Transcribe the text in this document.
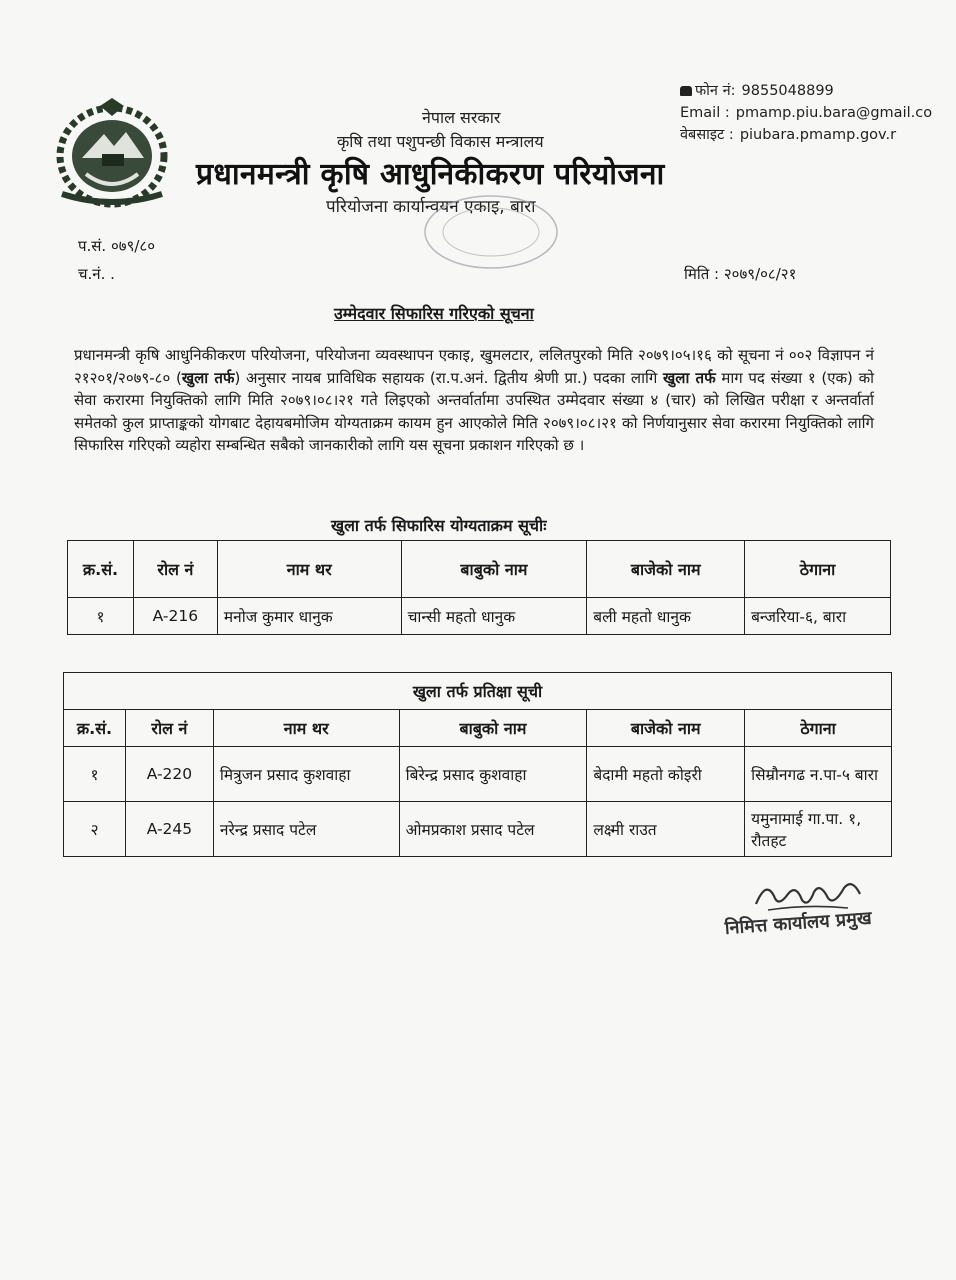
फोन नं: 9855048899
Email : pmamp.piu.bara@gmail.co
वेबसाइट : piubara.pmamp.gov.r
नेपाल सरकार
कृषि तथा पशुपन्छी विकास मन्त्रालय
प्रधानमन्त्री कृषि आधुनिकीकरण परियोजना
परियोजना कार्यान्वयन एकाइ, बारा
प.सं. ०७९/८०
च.नं. .	मिति : २०७९/०८/२१
उम्मेदवार सिफारिस गरिएको सूचना
प्रधानमन्त्री कृषि आधुनिकीकरण परियोजना, परियोजना व्यवस्थापन एकाइ, खुमलटार, ललितपुरको मिति २०७९।०५।१६ को सूचना नं ००२ विज्ञापन नं २१२०१/२०७९-८० (खुला तर्फ) अनुसार नायब प्राविधिक सहायक (रा.प.अनं. द्वितीय श्रेणी प्रा.) पदका लागि खुला तर्फ माग पद संख्या १ (एक) को सेवा करारमा नियुक्तिको लागि मिति २०७९।०८।२१ गते लिइएको अन्तर्वार्तामा उपस्थित उम्मेदवार संख्या ४ (चार) को लिखित परीक्षा र अन्तर्वार्ता समेतको कुल प्राप्ताङ्कको योगबाट देहायबमोजिम योग्यताक्रम कायम हुन आएकोले मिति २०७९।०८।२१ को निर्णयानुसार सेवा करारमा नियुक्तिको लागि सिफारिस गरिएको व्यहोरा सम्बन्धित सबैको जानकारीको लागि यस सूचना प्रकाशन गरिएको छ ।
खुला तर्फ सिफारिस योग्यताक्रम सूचीः
क्र.सं.	रोल नं	नाम थर	बाबुको नाम	बाजेको नाम	ठेगाना
१	A-216	मनोज कुमार धानुक	चान्सी महतो धानुक	बली महतो धानुक	बन्जरिया-६, बारा
खुला तर्फ प्रतिक्षा सूची					
क्र.सं.	रोल नं	नाम थर	बाबुको नाम	बाजेको नाम	ठेगाना
१	A-220	मित्रुजन प्रसाद कुशवाहा	बिरेन्द्र प्रसाद कुशवाहा	बेदामी महतो कोइरी	सिम्रौनगढ न.पा-५ बारा
२	A-245	नरेन्द्र प्रसाद पटेल	ओमप्रकाश प्रसाद पटेल	लक्ष्मी राउत	यमुनामाई गा.पा. १, रौतहट
निमित्त कार्यालय प्रमुख
